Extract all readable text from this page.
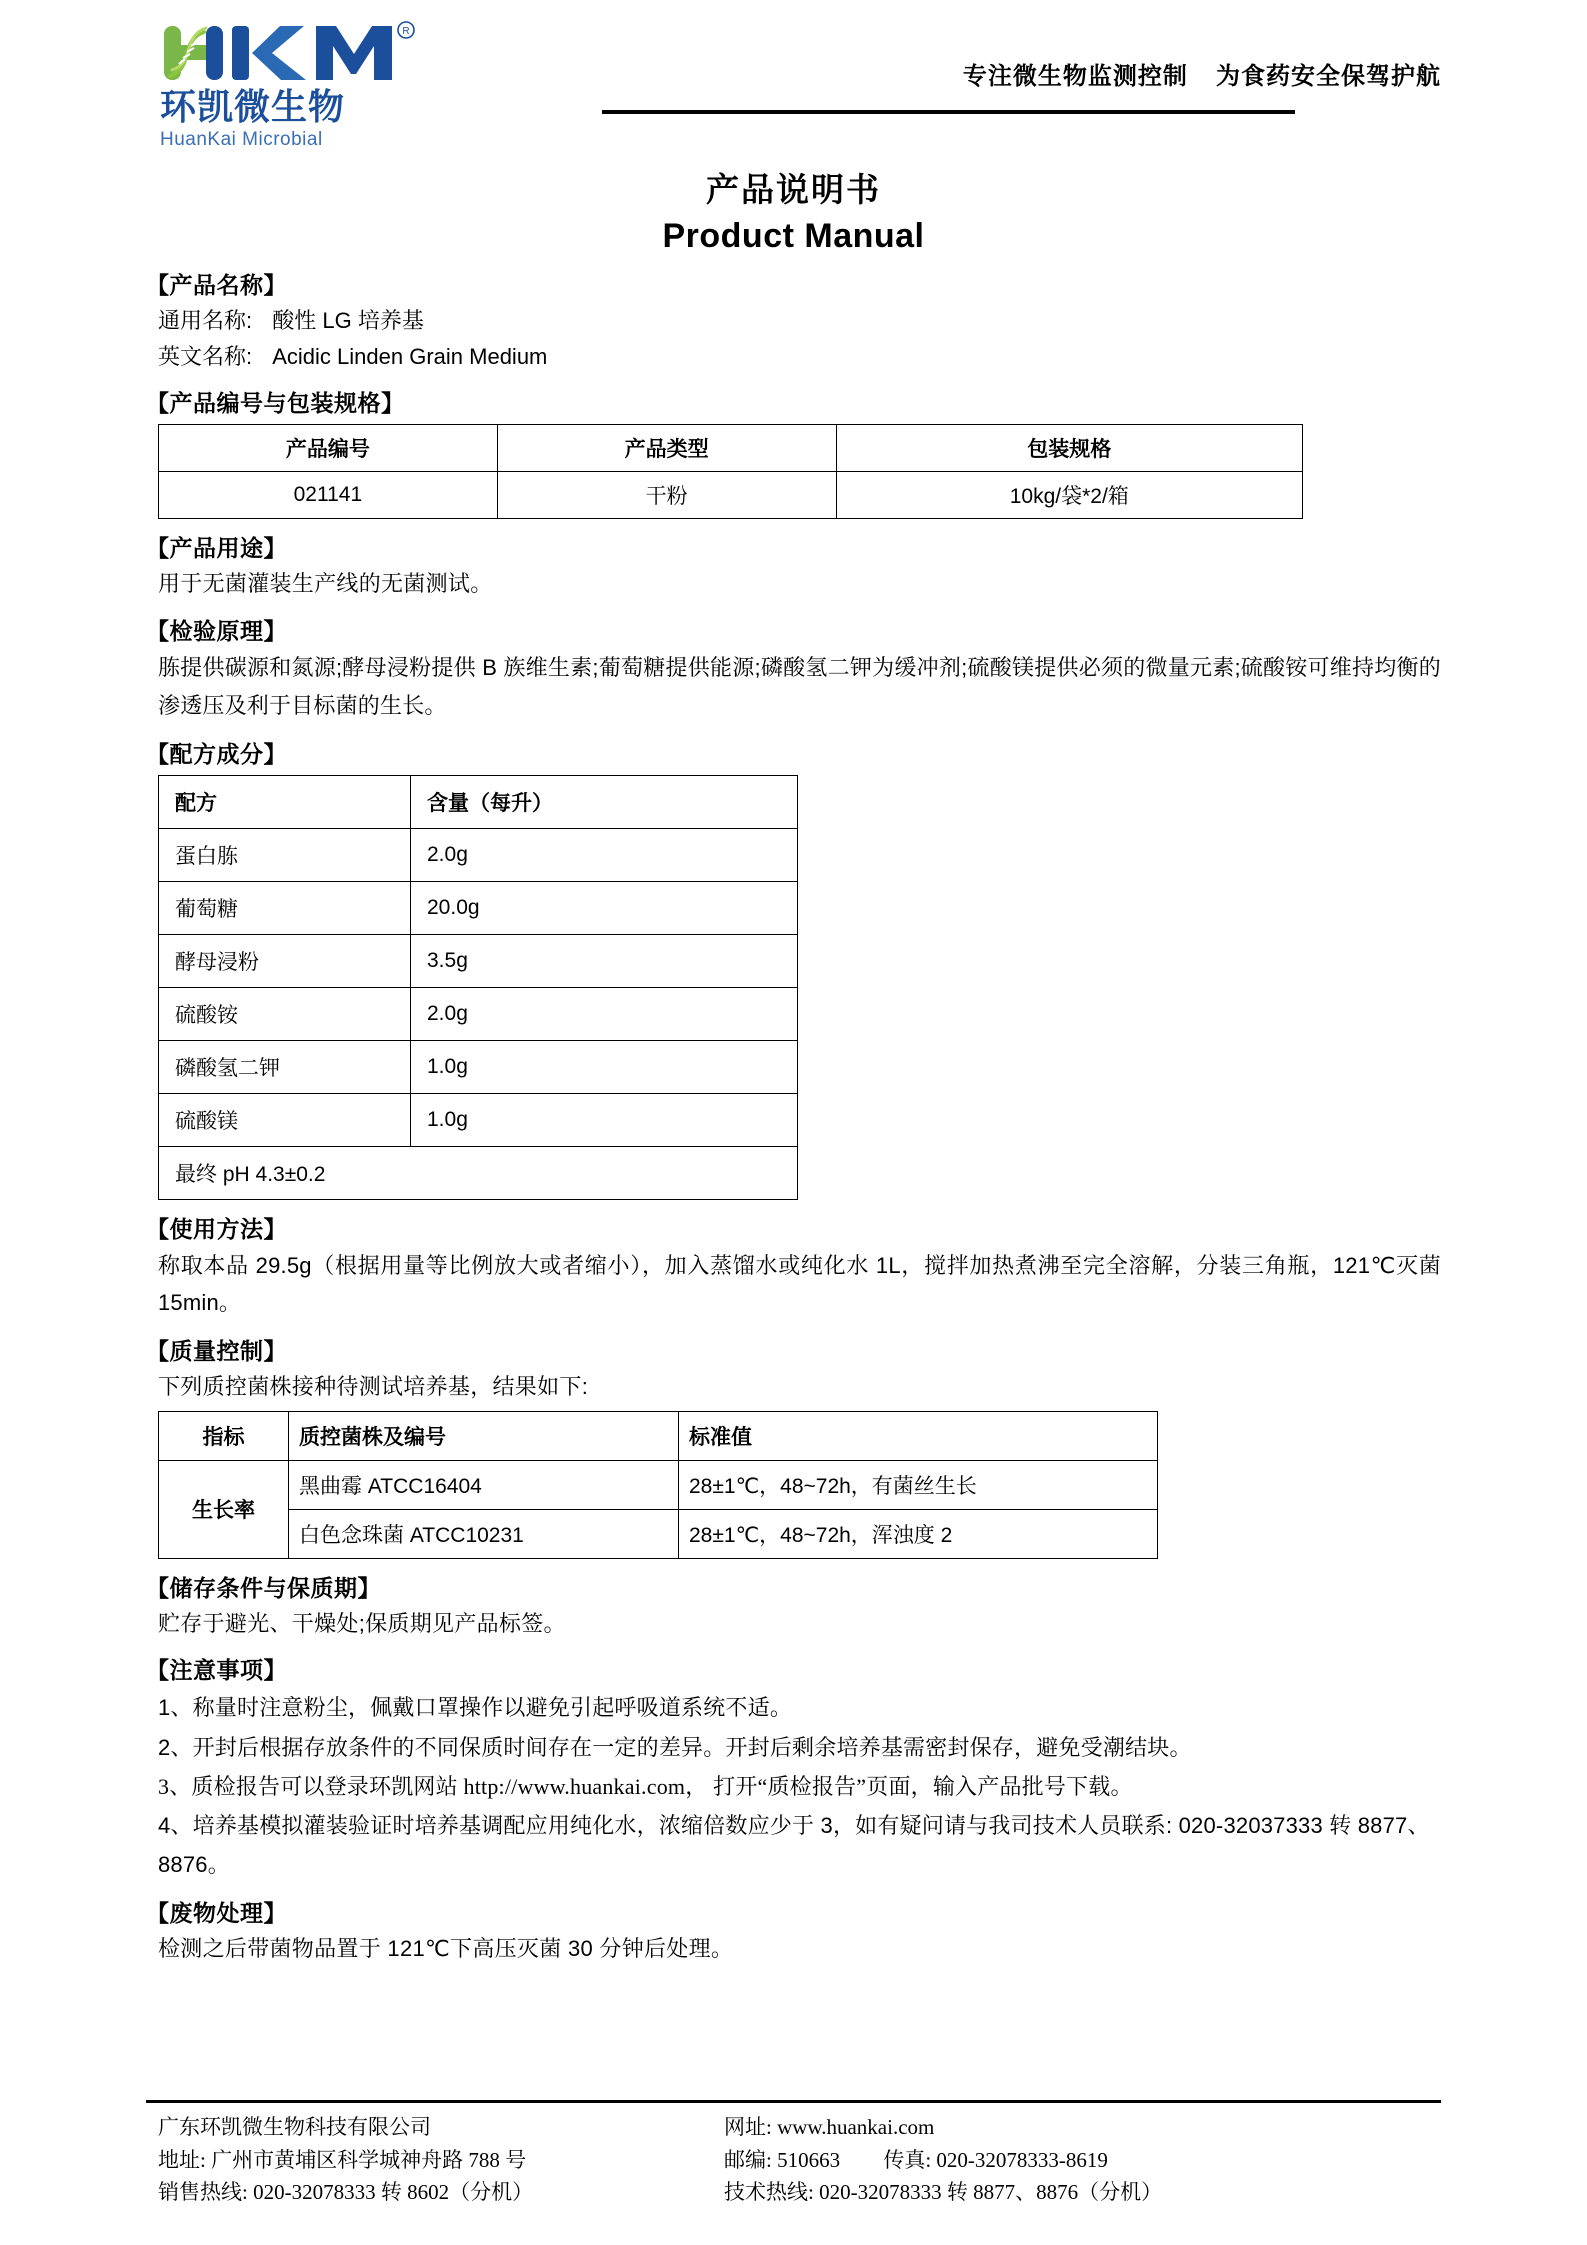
R
环凯微生物
HuanKai Microbial
专注微生物监测控制   为食药安全保驾护航
产品说明书
Product Manual
【产品名称】
通用名称: 酸性 LG 培养基
英文名称: Acidic Linden Grain Medium
【产品编号与包装规格】
产品编号	产品类型	包装规格
021141	干粉	10kg/袋*2/箱
【产品用途】
用于无菌灌装生产线的无菌测试。
【检验原理】
胨提供碳源和氮源;酵母浸粉提供 B 族维生素;葡萄糖提供能源;磷酸氢二钾为缓冲剂;硫酸镁提供必须的微量元素;硫酸铵可维持均衡的渗透压及利于目标菌的生长。
【配方成分】
配方	含量（每升）
蛋白胨	2.0g
葡萄糖	20.0g
酵母浸粉	3.5g
硫酸铵	2.0g
磷酸氢二钾	1.0g
硫酸镁	1.0g
最终 pH 4.3±0.2	
【使用方法】
称取本品 29.5g（根据用量等比例放大或者缩小），加入蒸馏水或纯化水 1L，搅拌加热煮沸至完全溶解，分装三角瓶，121℃灭菌 15min。
【质量控制】
下列质控菌株接种待测试培养基，结果如下:
指标	质控菌株及编号	标准值
生长率	黑曲霉 ATCC16404	28±1℃，48~72h，有菌丝生长
	白色念珠菌 ATCC10231	28±1℃，48~72h，浑浊度 2
【储存条件与保质期】
贮存于避光、干燥处;保质期见产品标签。
【注意事项】
1、称量时注意粉尘，佩戴口罩操作以避免引起呼吸道系统不适。
2、开封后根据存放条件的不同保质时间存在一定的差异。开封后剩余培养基需密封保存，避免受潮结块。
3、质检报告可以登录环凯网站 http://www.huankai.com， 打开“质检报告”页面，输入产品批号下载。
4、培养基模拟灌装验证时培养基调配应用纯化水，浓缩倍数应少于 3，如有疑问请与我司技术人员联系: 020-32037333 转 8877、8876。
【废物处理】
检测之后带菌物品置于 121℃下高压灭菌 30 分钟后处理。
广东环凯微生物科技有限公司
地址: 广州市黄埔区科学城神舟路 788 号
销售热线: 020-32078333 转 8602（分机）
网址: www.huankai.com
邮编: 510663 传真: 020-32078333-8619
技术热线: 020-32078333 转 8877、8876（分机）
